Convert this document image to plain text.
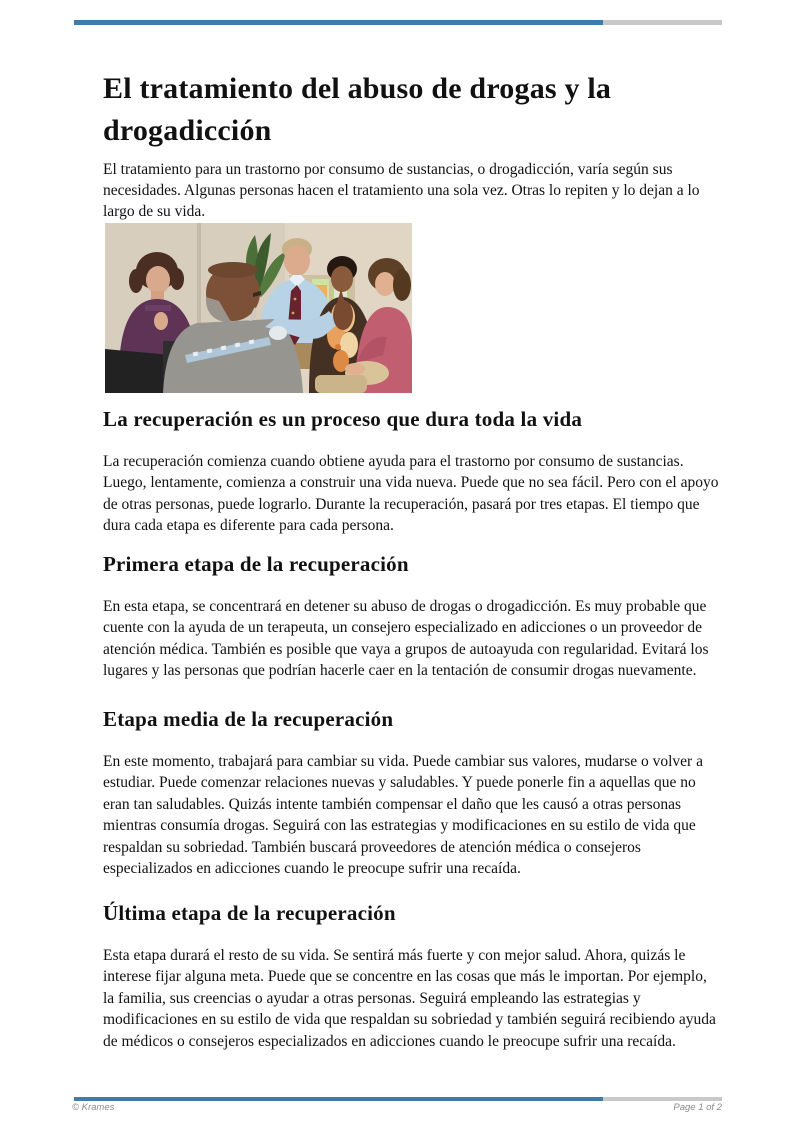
El tratamiento del abuso de drogas y la drogadicción

El tratamiento para un trastorno por consumo de sustancias, o drogadicción, varía según sus necesidades. Algunas personas hacen el tratamiento una sola vez. Otras lo repiten y lo dejan a lo largo de su vida.

La recuperación es un proceso que dura toda la vida

La recuperación comienza cuando obtiene ayuda para el trastorno por consumo de sustancias. Luego, lentamente, comienza a construir una vida nueva. Puede que no sea fácil. Pero con el apoyo de otras personas, puede lograrlo. Durante la recuperación, pasará por tres etapas. El tiempo que dura cada etapa es diferente para cada persona.

Primera etapa de la recuperación

En esta etapa, se concentrará en detener su abuso de drogas o drogadicción. Es muy probable que cuente con la ayuda de un terapeuta, un consejero especializado en adicciones o un proveedor de atención médica. También es posible que vaya a grupos de autoayuda con regularidad. Evitará los lugares y las personas que podrían hacerle caer en la tentación de consumir drogas nuevamente.

Etapa media de la recuperación

En este momento, trabajará para cambiar su vida. Puede cambiar sus valores, mudarse o volver a estudiar. Puede comenzar relaciones nuevas y saludables. Y puede ponerle fin a aquellas que no eran tan saludables. Quizás intente también compensar el daño que les causó a otras personas mientras consumía drogas. Seguirá con las estrategias y modificaciones en su estilo de vida que respaldan su sobriedad. También buscará proveedores de atención médica o consejeros especializados en adicciones cuando le preocupe sufrir una recaída.

Última etapa de la recuperación

Esta etapa durará el resto de su vida. Se sentirá más fuerte y con mejor salud. Ahora, quizás le interese fijar alguna meta. Puede que se concentre en las cosas que más le importan. Por ejemplo, la familia, sus creencias o ayudar a otras personas. Seguirá empleando las estrategias y modificaciones en su estilo de vida que respaldan su sobriedad y también seguirá recibiendo ayuda de médicos o consejeros especializados en adicciones cuando le preocupe sufrir una recaída.

© Krames	Page 1 of 2
